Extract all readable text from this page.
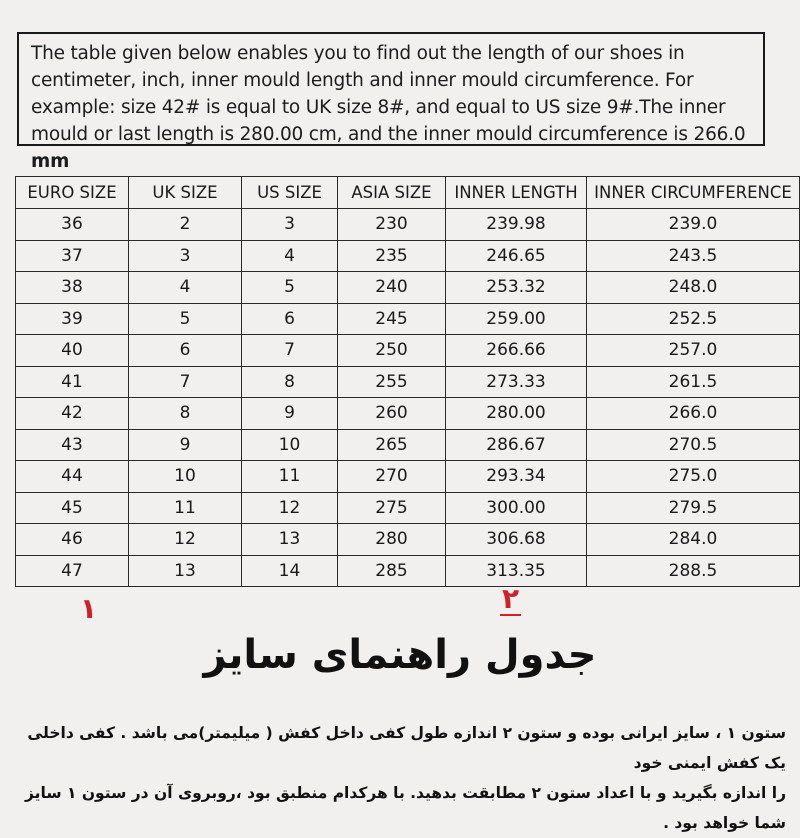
The table given below enables you to find out the length of our shoes in centimeter, inch, inner mould length and inner mould circumference. For example: size 42# is equal to UK size 8#, and equal to US size 9#.The inner mould or last length is 280.00 cm, and the inner mould circumference is 266.0 mm
EURO SIZE	UK SIZE	US SIZE	ASIA SIZE	INNER LENGTH	INNER CIRCUMFERENCE
36	2	3	230	239.98	239.0
37	3	4	235	246.65	243.5
38	4	5	240	253.32	248.0
39	5	6	245	259.00	252.5
40	6	7	250	266.66	257.0
41	7	8	255	273.33	261.5
42	8	9	260	280.00	266.0
43	9	10	265	286.67	270.5
44	10	11	270	293.34	275.0
45	11	12	275	300.00	279.5
46	12	13	280	306.68	284.0
47	13	14	285	313.35	288.5
۱	۲
جدول راهنمای سایز
ستون ۱ ، سایز ایرانی بوده و ستون ۲ اندازه طول کفی داخل کفش ( میلیمتر)می باشد . کفی داخلی یک کفش ایمنی خود
را اندازه بگیرید و با اعداد ستون ۲ مطابقت بدهید. با هرکدام منطبق بود ،روبروی آن در ستون ۱ سایز شما خواهد بود .
